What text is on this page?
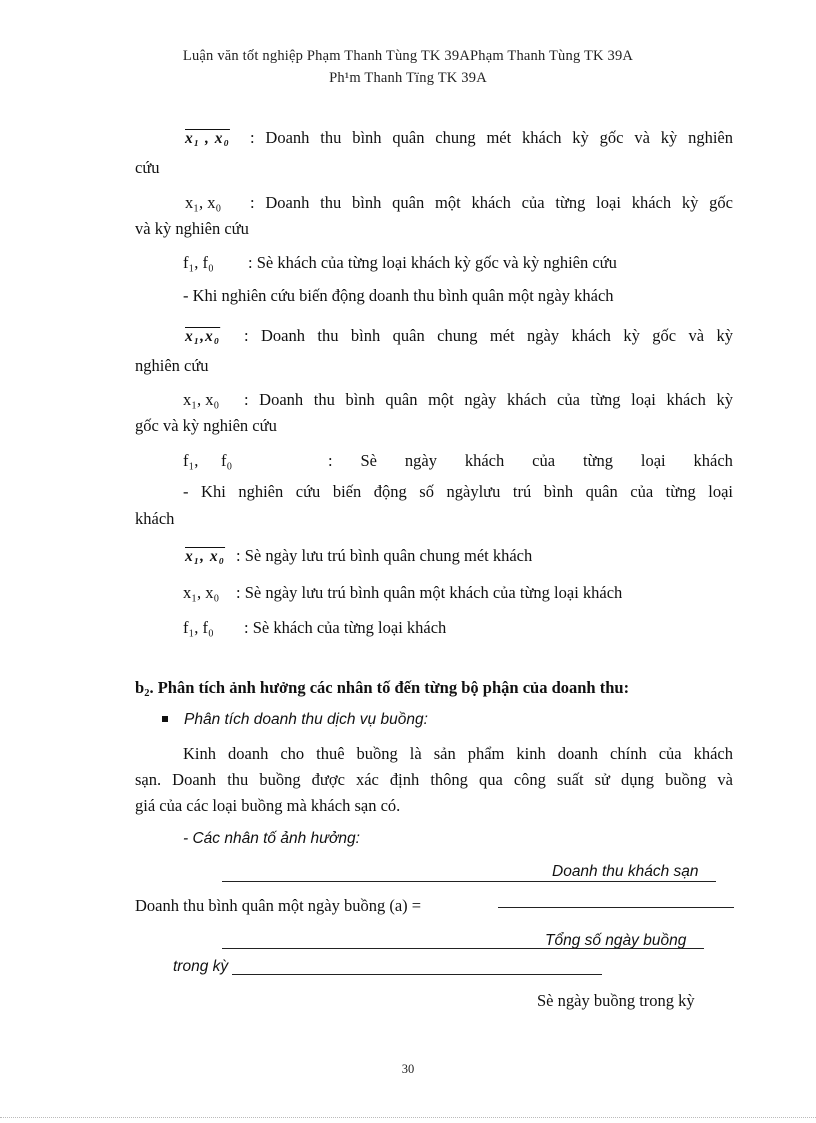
Luận văn tốt nghiệp Phạm Thanh Tùng TK 39APhạm Thanh Tùng TK 39A
Ph¹m Thanh Tïng TK 39A
x₁ , x₀ : Doanh thu bình quân chung mét khách kỳ gốc và kỳ nghiên
cứu
x₁, x₀ : Doanh thu bình quân một khách của từng loại khách kỳ gốc
và kỳ nghiên cứu
f₁, f₀ : Sè khách của từng loại khách kỳ gốc và kỳ nghiên cứu
- Khi nghiên cứu biến động doanh thu bình quân một ngày khách
x₁,x₀ : Doanh thu bình quân chung mét ngày khách kỳ gốc và kỳ
nghiên cứu
x₁, x₀ : Doanh thu bình quân một ngày khách của từng loại khách kỳ
gốc và kỳ nghiên cứu
f₁, f₀	: Sè ngày khách của từng loại khách
- Khi nghiên cứu biến động số ngàylưu trú bình quân của từng loại
khách
x₁, x₀ : Sè ngày lưu trú bình quân chung mét khách
x₁, x₀ : Sè ngày lưu trú bình quân một khách của từng loại khách
f₁, f₀ : Sè khách của từng loại khách
$b_2$. Phân tích ảnh hưởng các nhân tố đến từng bộ phận của doanh thu:
Phân tích doanh thu dịch vụ buồng:
Kinh doanh cho thuê buồng là sản phẩm kinh doanh chính của khách
sạn. Doanh thu buồng được xác định thông qua công suất sử dụng buồng và
giá của các loại buồng mà khách sạn có.
- Các nhân tố ảnh hưởng:
Doanh thu khách sạn
Doanh thu bình quân một ngày buồng (a) =
Tổng số ngày buồng
trong kỳ
Sè ngày buồng trong kỳ
30
